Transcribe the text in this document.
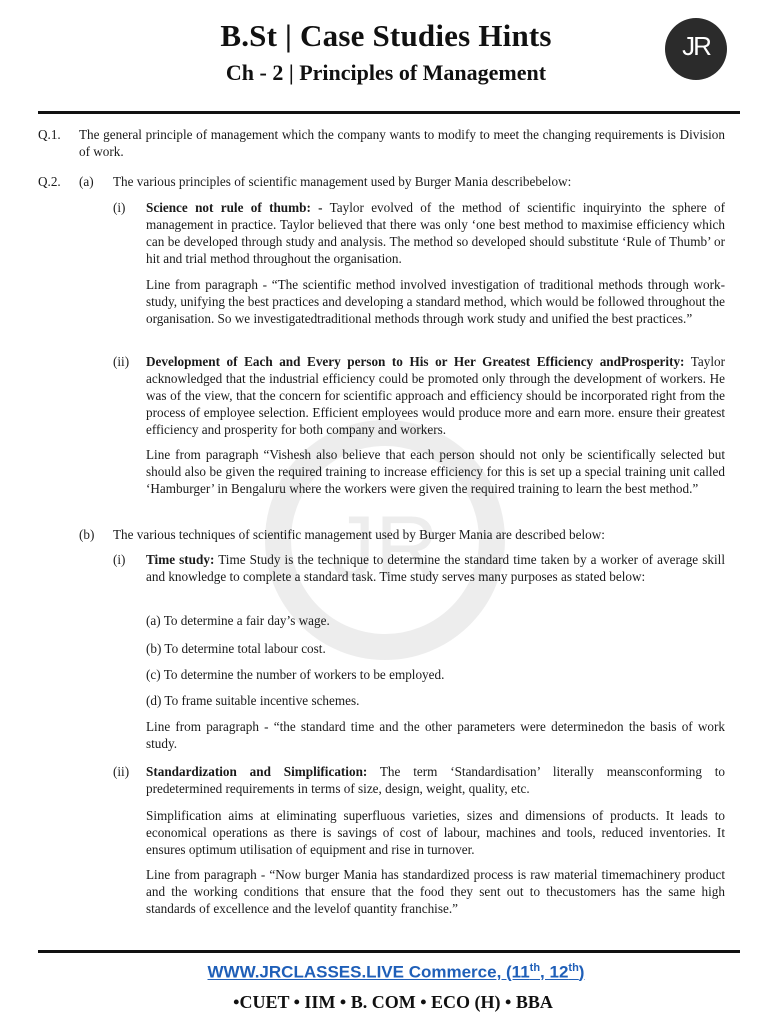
B.St | Case Studies Hints
Ch - 2 | Principles of Management
JR
JR
Q.1. The general principle of management which the company wants to modify to meet the changing requirements is Division of work.
Q.2. (a) The various principles of scientific management used by Burger Mania describebelow:
(i) Science not rule of thumb: - Taylor evolved of the method of scientific inquiryinto the sphere of management in practice. Taylor believed that there was only ‘one best method to maximise efficiency which can be developed through study and analysis. The method so developed should substitute ‘Rule of Thumb’ or hit and trial method throughout the organisation.
Line from paragraph - “The scientific method involved investigation of traditional methods through work-study, unifying the best practices and developing a standard method, which would be followed throughout the organisation. So we investigatedtraditional methods through work study and unified the best practices.”
(ii) Development of Each and Every person to His or Her Greatest Efficiency andProsperity: Taylor acknowledged that the industrial efficiency could be promoted only through the development of workers. He was of the view, that the concern for scientific approach and efficiency should be incorporated right from the process of employee selection. Efficient employees would produce more and earn more. ensure their greatest efficiency and prosperity for both company and workers.
Line from paragraph “Vishesh also believe that each person should not only be scientifically selected but should also be given the required training to increase efficiency for this is set up a special training unit called ‘Hamburger’ in Bengaluru where the workers were given the required training to learn the best method.”
(b) The various techniques of scientific management used by Burger Mania are described below:
(i) Time study: Time Study is the technique to determine the standard time taken by a worker of average skill and knowledge to complete a standard task. Time study serves many purposes as stated below:
(a) To determine a fair day’s wage.
(b) To determine total labour cost.
(c) To determine the number of workers to be employed.
(d) To frame suitable incentive schemes.
Line from paragraph - “the standard time and the other parameters were determinedon the basis of work study.
(ii) Standardization and Simplification: The term ‘Standardisation’ literally meansconforming to predetermined requirements in terms of size, design, weight, quality, etc.
Simplification aims at eliminating superfluous varieties, sizes and dimensions of products. It leads to economical operations as there is savings of cost of labour, machines and tools, reduced inventories. It ensures optimum utilisation of equipment and rise in turnover.
Line from paragraph - “Now burger Mania has standardized process is raw material timemachinery product and the working conditions that ensure that the food they sent out to thecustomers has the same high standards of excellence and the levelof quantity franchise.”
WWW.JRCLASSES.LIVE Commerce, (11th, 12th)
•CUET • IIM • B. COM • ECO (H) • BBA
